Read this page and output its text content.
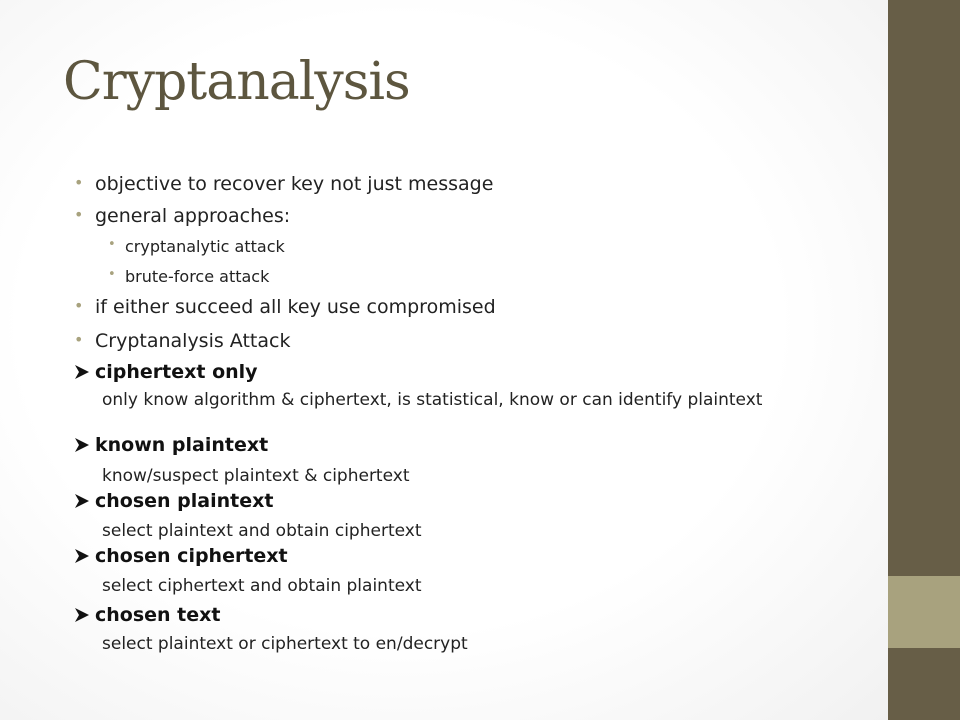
Cryptanalysis
• objective to recover key not just message
• general approaches:
• cryptanalytic attack
• brute-force attack
• if either succeed all key use compromised
• Cryptanalysis Attack
ciphertext only
only know algorithm & ciphertext, is statistical, know or can identify plaintext
known plaintext
know/suspect plaintext & ciphertext
chosen plaintext
select plaintext and obtain ciphertext
chosen ciphertext
select ciphertext and obtain plaintext
chosen text
select plaintext or ciphertext to en/decrypt
